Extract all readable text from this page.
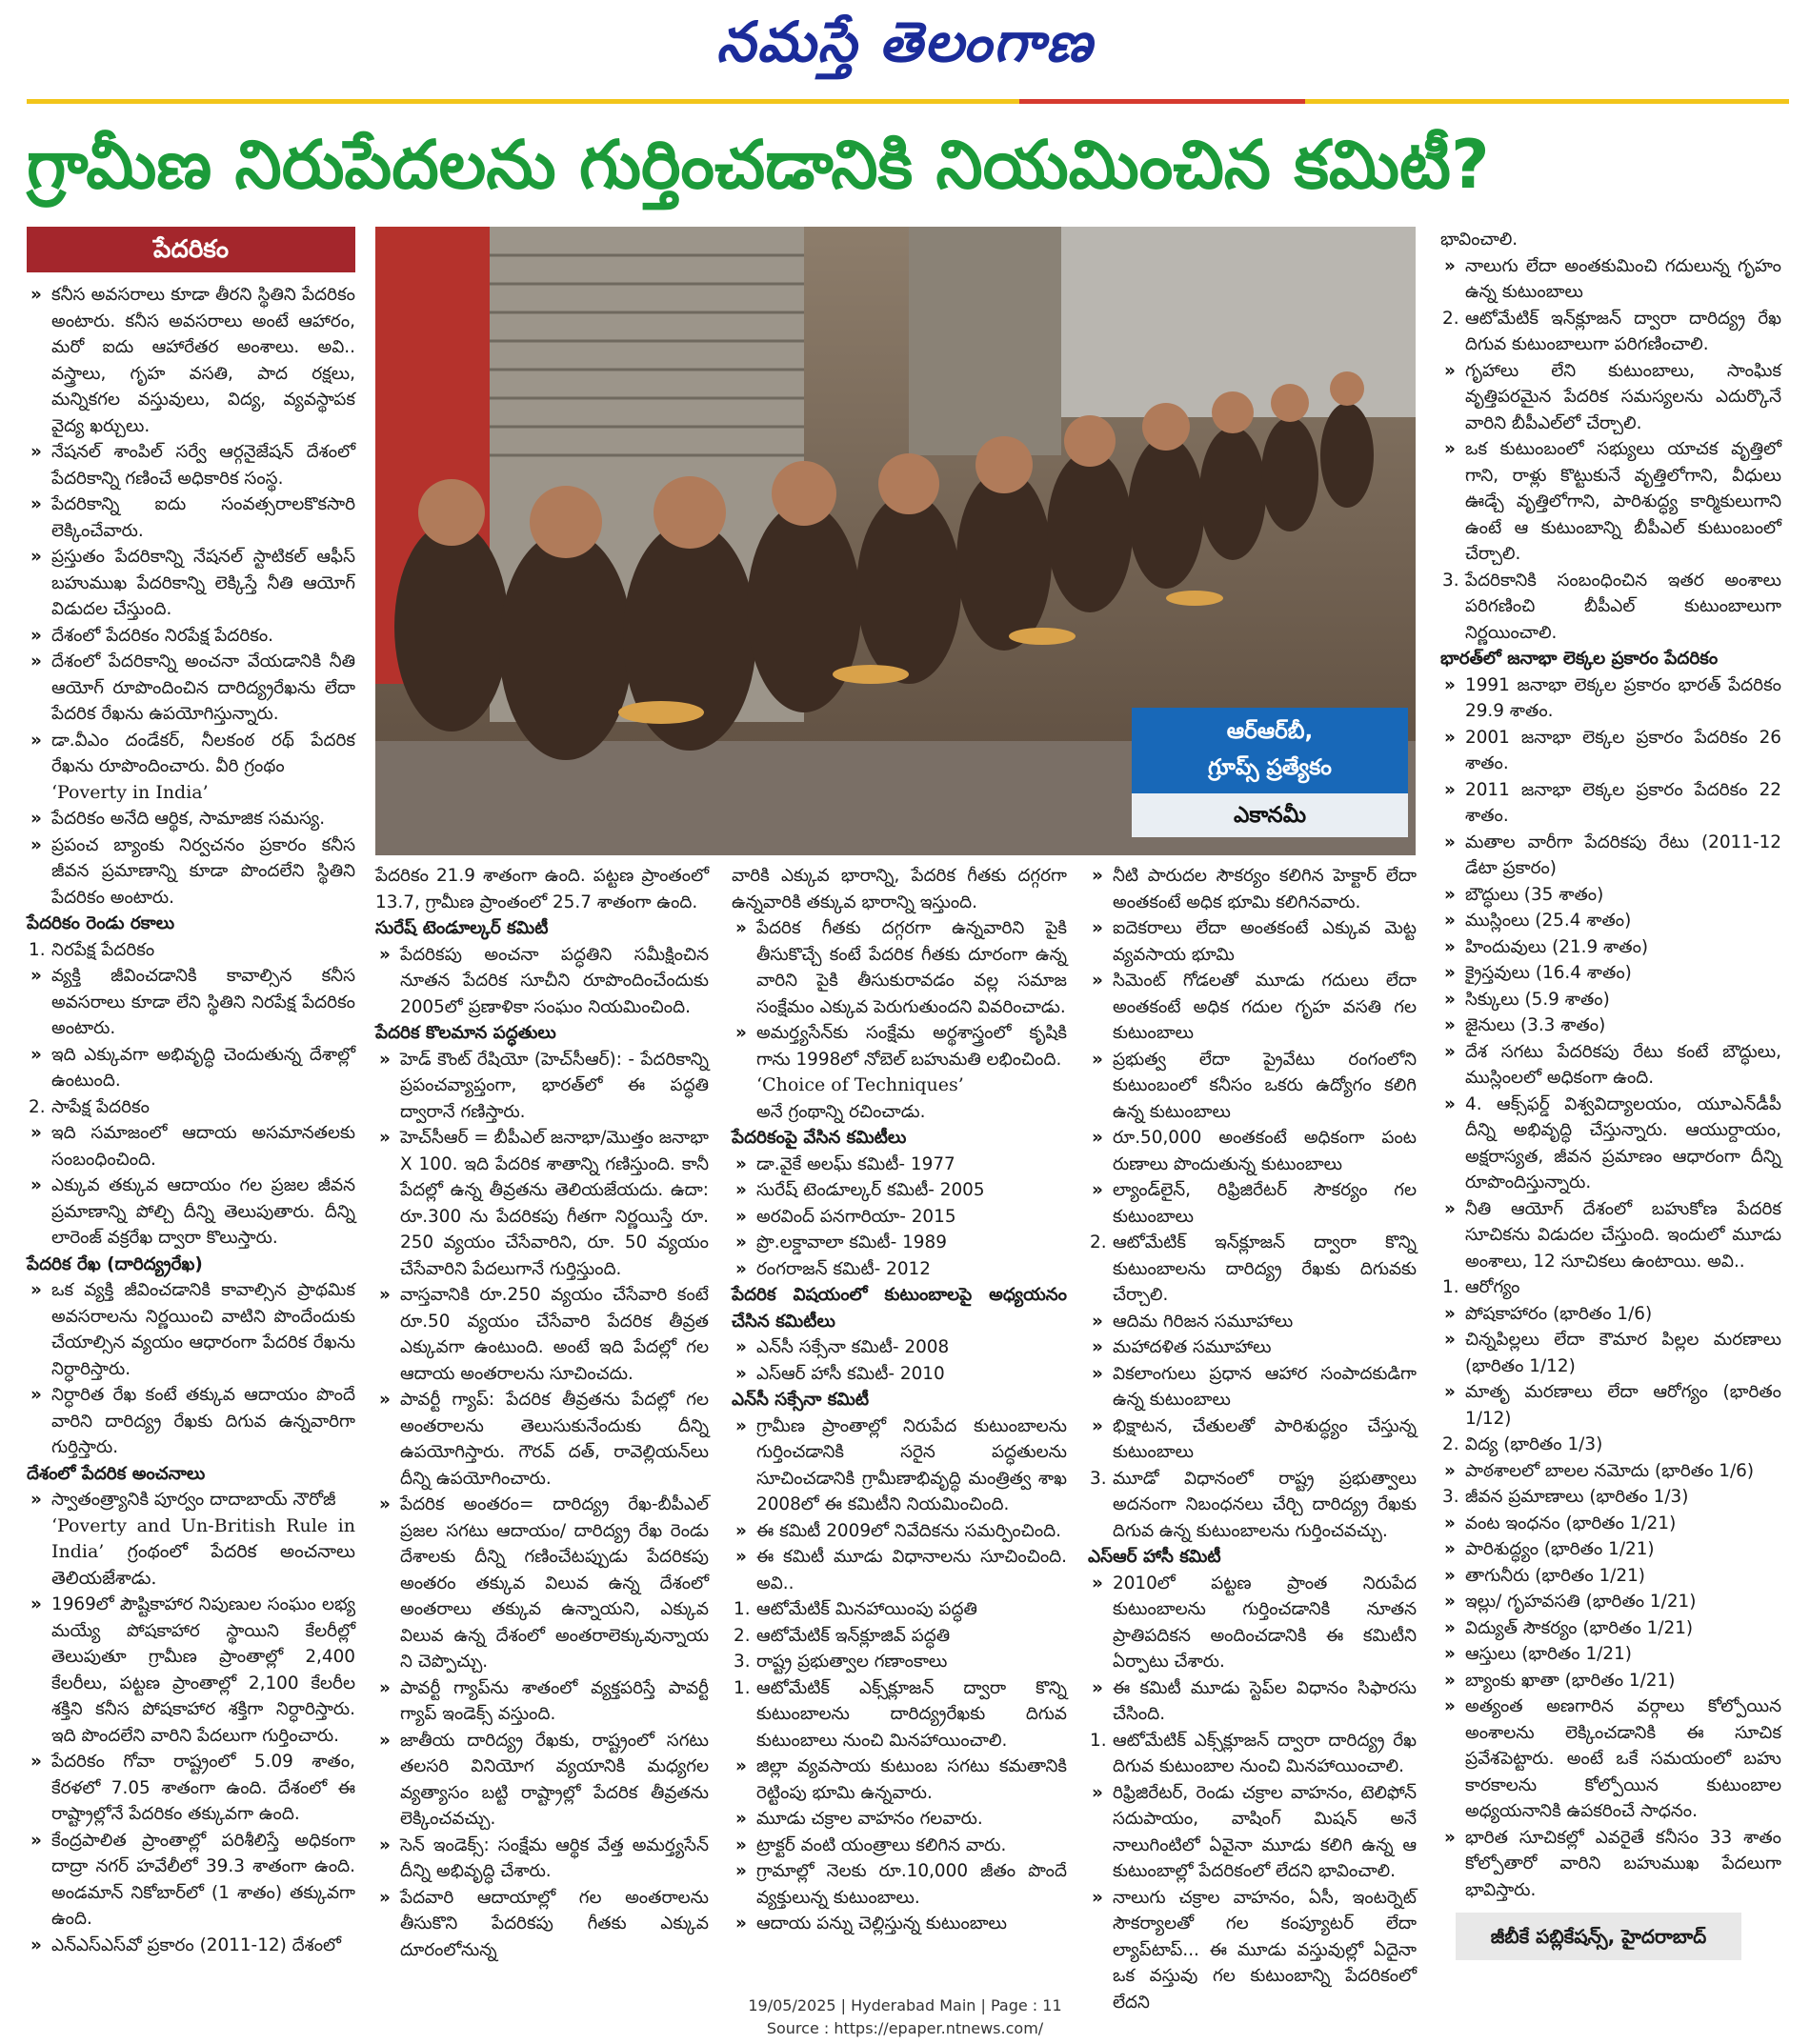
నమస్తే తెలంగాణ
గ్రామీణ నిరుపేదలను గుర్తించడానికి నియమించిన కమిటీ?
పేదరికం

» కనీస అవసరాలు కూడా తీరని స్థితిని పేదరికం అంటారు. కనీస అవసరాలు అంటే ఆహారం, మరో ఐదు ఆహారేతర అంశాలు. అవి.. వస్త్రాలు, గృహ వసతి, పాద రక్షలు, మన్నికగల వస్తువులు, విద్య, వ్యవస్థాపక వైద్య ఖర్చులు.

» నేషనల్‌ శాంపిల్‌ సర్వే ఆర్గనైజేషన్‌ దేశంలో పేదరికాన్ని గణించే అధికారిక సంస్థ.

» పేదరికాన్ని ఐదు సంవత్సరాలకొకసారి లెక్కించేవారు.

» ప్రస్తుతం పేదరికాన్ని నేషనల్‌ స్టాటికల్‌ ఆఫీస్‌ బహుముఖ పేదరికాన్ని లెక్కిస్తే నీతి ఆయోగ్‌ విడుదల చేస్తుంది.

» దేశంలో పేదరికం నిరపేక్ష పేదరికం.

» దేశంలో పేదరికాన్ని అంచనా వేయడానికి నీతి ఆయోగ్‌ రూపొందించిన దారిద్య్రరేఖను లేదా పేదరిక రేఖను ఉపయోగిస్తున్నారు.

» డా.వీఎం దండేకర్‌, నీలకంఠ రథ్‌ పేదరిక రేఖను రూపొందించారు. వీరి గ్రంథం

‘Poverty in India’

» పేదరికం అనేది ఆర్థిక, సామాజిక సమస్య.

» ప్రపంచ బ్యాంకు నిర్వచనం ప్రకారం కనీస జీవన ప్రమాణాన్ని కూడా పొందలేని స్థితిని పేదరికం అంటారు.

పేదరికం రెండు రకాలు

1. నిరపేక్ష పేదరికం

» వ్యక్తి జీవించడానికి కావాల్సిన కనీస అవసరాలు కూడా లేని స్థితిని నిరపేక్ష పేదరికం అంటారు.

» ఇది ఎక్కువగా అభివృద్ధి చెందుతున్న దేశాల్లో ఉంటుంది.

2. సాపేక్ష పేదరికం

» ఇది సమాజంలో ఆదాయ అసమానతలకు సంబంధించింది.

» ఎక్కువ తక్కువ ఆదాయం గల ప్రజల జీవన ప్రమాణాన్ని పోల్చి దీన్ని తెలుపుతారు. దీన్ని లారెంజ్‌ వక్రరేఖ ద్వారా కొలుస్తారు.

పేదరిక రేఖ (దారిద్య్రరేఖ)

» ఒక వ్యక్తి జీవించడానికి కావాల్సిన ప్రాథమిక అవసరాలను నిర్ణయించి వాటిని పొందేందుకు చేయాల్సిన వ్యయం ఆధారంగా పేదరిక రేఖను నిర్ధారిస్తారు.

» నిర్ధారిత రేఖ కంటే తక్కువ ఆదాయం పొందే వారిని దారిద్య్ర రేఖకు దిగువ ఉన్నవారిగా గుర్తిస్తారు.

దేశంలో పేదరిక అంచనాలు

» స్వాతంత్ర్యానికి పూర్వం దాదాబాయ్‌ నౌరోజీ

‘Poverty and Un-British Rule in India’ గ్రంథంలో పేదరిక అంచనాలు తెలియజేశాడు.

» 1969లో పౌష్టికాహార నిపుణుల సంఘం లభ్య మయ్యే పోషకాహార స్థాయిని కేలరీల్లో తెలుపుతూ గ్రామీణ ప్రాంతాల్లో 2,400 కేలరీలు, పట్టణ ప్రాంతాల్లో 2,100 కేలరీల శక్తిని కనీస పోషకాహార శక్తిగా నిర్ధారిస్తారు. ఇది పొందలేని వారిని పేదలుగా గుర్తించారు.

» పేదరికం గోవా రాష్ట్రంలో 5.09 శాతం, కేరళలో 7.05 శాతంగా ఉంది. దేశంలో ఈ రాష్ట్రాల్లోనే పేదరికం తక్కువగా ఉంది.

» కేంద్రపాలిత ప్రాంతాల్లో పరిశీలిస్తే అధికంగా దాద్రా నగర్‌ హవేలీలో 39.3 శాతంగా ఉంది. అండమాన్‌ నికోబార్‌లో (1 శాతం) తక్కువగా ఉంది.

» ఎన్‌ఎస్‌ఎస్‌వో ప్రకారం (2011-12) దేశంలో

ఆర్ఆర్‌బీ,
గ్రూప్స్‌ ప్రత్యేకం
ఎకానమీ

పేదరికం 21.9 శాతంగా ఉంది. పట్టణ ప్రాంతంలో 13.7, గ్రామీణ ప్రాంతంలో 25.7 శాతంగా ఉంది.

సురేష్‌ టెండూల్కర్‌ కమిటీ

» పేదరికపు అంచనా పద్ధతిని సమీక్షించిన నూతన పేదరిక సూచీని రూపొందించేందుకు 2005లో ప్రణాళికా సంఘం నియమించింది.

పేదరిక కొలమాన పద్ధతులు

» హెడ్‌ కౌంట్‌ రేషియో (హెచ్‌సీఆర్‌): - పేదరికాన్ని ప్రపంచవ్యాప్తంగా, భారత్‌లో ఈ పద్ధతి ద్వారానే గణిస్తారు.

» హెచ్‌సీఆర్‌ = బీపీఎల్‌ జనాభా/మొత్తం జనాభా X 100. ఇది పేదరిక శాతాన్ని గణిస్తుంది. కానీ పేదల్లో ఉన్న తీవ్రతను తెలియజేయదు. ఉదా: రూ.300 ను పేదరికపు గీతగా నిర్ణయిస్తే రూ. 250 వ్యయం చేసేవారిని, రూ. 50 వ్యయం చేసేవారిని పేదలుగానే గుర్తిస్తుంది.

» వాస్తవానికి రూ.250 వ్యయం చేసేవారి కంటే రూ.50 వ్యయం చేసేవారి పేదరిక తీవ్రత ఎక్కువగా ఉంటుంది. అంటే ఇది పేదల్లో గల ఆదాయ అంతరాలను సూచించదు.

» పావర్టీ గ్యాప్‌: పేదరిక తీవ్రతను పేదల్లో గల అంతరాలను తెలుసుకునేందుకు దీన్ని ఉపయోగిస్తారు. గౌరవ్‌ దత్‌, రావెల్లియన్‌లు దీన్ని ఉపయోగించారు.

» పేదరిక అంతరం= దారిద్య్ర రేఖ-బీపీఎల్‌ ప్రజల సగటు ఆదాయం/ దారిద్య్ర రేఖ రెండు దేశాలకు దీన్ని గణించేటప్పుడు పేదరికపు అంతరం తక్కువ విలువ ఉన్న దేశంలో అంతరాలు తక్కువ ఉన్నాయని, ఎక్కువ విలువ ఉన్న దేశంలో అంతరాలెక్కువున్నాయ ని చెప్పొచ్చు.

» పావర్టీ గ్యాప్‌ను శాతంలో వ్యక్తపరిస్తే పావర్టీ గ్యాప్‌ ఇండెక్స్‌ వస్తుంది.

» జాతీయ దారిద్య్ర రేఖకు, రాష్ట్రంలో సగటు తలసరి వినియోగ వ్యయానికి మధ్యగల వ్యత్యాసం బట్టి రాష్ట్రాల్లో పేదరిక తీవ్రతను లెక్కించవచ్చు.

» సెన్‌ ఇండెక్స్‌: సంక్షేమ ఆర్థిక వేత్త అమర్త్యసేన్‌ దీన్ని అభివృద్ధి చేశారు.

» పేదవారి ఆదాయాల్లో గల అంతరాలను తీసుకొని పేదరికపు గీతకు ఎక్కువ దూరంలోనున్న

వారికి ఎక్కువ భారాన్ని, పేదరిక గీతకు దగ్గరగా ఉన్నవారికి తక్కువ భారాన్ని ఇస్తుంది.

» పేదరిక గీతకు దగ్గరగా ఉన్నవారిని పైకి తీసుకొచ్చే కంటే పేదరిక గీతకు దూరంగా ఉన్న వారిని పైకి తీసుకురావడం వల్ల సమాజ సంక్షేమం ఎక్కువ పెరుగుతుందని వివరించాడు.

» అమర్త్యసేన్‌కు సంక్షేమ అర్థశాస్త్రంలో కృషికి గాను 1998లో నోబెల్‌ బహుమతి లభించింది.

‘Choice of Techniques’

అనే గ్రంథాన్ని రచించాడు.

పేదరికంపై వేసిన కమిటీలు

» డా.వైకే అలఘ్‌ కమిటీ- 1977

» సురేష్‌ టెండూల్కర్‌ కమిటీ- 2005

» అరవింద్‌ పనగారియా- 2015

» ప్రొ.లక్డావాలా కమిటీ- 1989

» రంగరాజన్‌ కమిటీ- 2012

పేదరిక విషయంలో కుటుంబాలపై అధ్యయనం చేసిన కమిటీలు

» ఎన్‌సీ సక్సేనా కమిటీ- 2008

» ఎస్‌ఆర్‌ హాసీ కమిటీ- 2010

ఎన్‌సీ సక్సేనా కమిటీ

» గ్రామీణ ప్రాంతాల్లో నిరుపేద కుటుంబాలను గుర్తించడానికి సరైన పద్ధతులను సూచించడానికి గ్రామీణాభివృద్ధి మంత్రిత్వ శాఖ 2008లో ఈ కమిటీని నియమించింది.

» ఈ కమిటీ 2009లో నివేదికను సమర్పించింది.

» ఈ కమిటీ మూడు విధానాలను సూచించింది. అవి..

1. ఆటోమేటిక్‌ మినహాయింపు పద్ధతి

2. ఆటోమేటిక్‌ ఇన్‌క్లూజివ్‌ పద్ధతి

3. రాష్ట్ర ప్రభుత్వాల గణాంకాలు

1. ఆటోమేటిక్‌ ఎక్స్‌క్లూజన్‌ ద్వారా కొన్ని కుటుంబాలను దారిద్య్రరేఖకు దిగువ కుటుంబాలు నుంచి మినహాయించాలి.

» జిల్లా వ్యవసాయ కుటుంబ సగటు కమతానికి రెట్టింపు భూమి ఉన్నవారు.

» మూడు చక్రాల వాహనం గలవారు.

» ట్రాక్టర్‌ వంటి యంత్రాలు కలిగిన వారు.

» గ్రామాల్లో నెలకు రూ.10,000 జీతం పొందే వ్యక్తులున్న కుటుంబాలు.

» ఆదాయ పన్ను చెల్లిస్తున్న కుటుంబాలు

» నీటి పారుదల సౌకర్యం కలిగిన హెక్టార్‌ లేదా అంతకంటే అధిక భూమి కలిగినవారు.

» ఐదెకరాలు లేదా అంతకంటే ఎక్కువ మెట్ట వ్యవసాయ భూమి

» సిమెంట్‌ గోడలతో మూడు గదులు లేదా అంతకంటే అధిక గదుల గృహ వసతి గల కుటుంబాలు

» ప్రభుత్వ లేదా ప్రైవేటు రంగంలోని కుటుంబంలో కనీసం ఒకరు ఉద్యోగం కలిగి ఉన్న కుటుంబాలు

» రూ.50,000 అంతకంటే అధికంగా పంట రుణాలు పొందుతున్న కుటుంబాలు

» ల్యాండ్‌లైన్‌, రిఫ్రిజిరేటర్‌ సౌకర్యం గల కుటుంబాలు

2. ఆటోమేటిక్‌ ఇన్‌క్లూజన్‌ ద్వారా కొన్ని కుటుంబాలను దారిద్య్ర రేఖకు దిగువకు చేర్చాలి.

» ఆదిమ గిరిజన సమూహాలు

» మహాదళిత సమూహాలు

» వికలాంగులు ప్రధాన ఆహార సంపాదకుడిగా ఉన్న కుటుంబాలు

» భిక్షాటన, చేతులతో పారిశుద్ధ్యం చేస్తున్న కుటుంబాలు

3. మూడో విధానంలో రాష్ట్ర ప్రభుత్వాలు అదనంగా నిబంధనలు చేర్చి దారిద్య్ర రేఖకు దిగువ ఉన్న కుటుంబాలను గుర్తించవచ్చు.

ఎస్‌ఆర్‌ హాసీ కమిటీ

» 2010లో పట్టణ ప్రాంత నిరుపేద కుటుంబాలను గుర్తించడానికి నూతన ప్రాతిపదికన అందించడానికి ఈ కమిటీని ఏర్పాటు చేశారు.

» ఈ కమిటీ మూడు స్టెప్‌ల విధానం సిఫారసు చేసింది.

1. ఆటోమేటిక్‌ ఎక్స్‌క్లూజన్‌ ద్వారా దారిద్య్ర రేఖ దిగువ కుటుంబాల నుంచి మినహాయించాలి.

» రిఫ్రిజిరేటర్‌, రెండు చక్రాల వాహనం, టెలిఫోన్‌ సదుపాయం, వాషింగ్‌ మిషన్‌ అనే నాలుగింటిలో ఏవైనా మూడు కలిగి ఉన్న ఆ కుటుంబాల్లో పేదరికంలో లేదని భావించాలి.

» నాలుగు చక్రాల వాహనం, ఏసీ, ఇంటర్నెట్‌ సౌకర్యాలతో గల కంప్యూటర్‌ లేదా ల్యాప్‌టాప్‌... ఈ మూడు వస్తువుల్లో ఏదైనా ఒక వస్తువు గల కుటుంబాన్ని పేదరికంలో లేదని

భావించాలి.

» నాలుగు లేదా అంతకుమించి గదులున్న గృహం ఉన్న కుటుంబాలు

2. ఆటోమేటిక్‌ ఇన్‌క్లూజన్‌ ద్వారా దారిద్య్ర రేఖ దిగువ కుటుంబాలుగా పరిగణించాలి.

» గృహాలు లేని కుటుంబాలు, సాంఘిక వృత్తిపరమైన పేదరిక సమస్యలను ఎదుర్కొనే వారిని బీపీఎల్‌లో చేర్చాలి.

» ఒక కుటుంబంలో సభ్యులు యాచక వృత్తిలో గాని, రాళ్లు కొట్టుకునే వృత్తిలోగాని, వీధులు ఊడ్చే వృత్తిలోగాని, పారిశుద్ధ్య కార్మికులుగాని ఉంటే ఆ కుటుంబాన్ని బీపీఎల్‌ కుటుంబంలో చేర్చాలి.

3. పేదరికానికి సంబంధించిన ఇతర అంశాలు పరిగణించి బీపీఎల్‌ కుటుంబాలుగా నిర్ణయించాలి.

భారత్‌లో జనాభా లెక్కల ప్రకారం పేదరికం

» 1991 జనాభా లెక్కల ప్రకారం భారత్‌ పేదరికం 29.9 శాతం.

» 2001 జనాభా లెక్కల ప్రకారం పేదరికం 26 శాతం.

» 2011 జనాభా లెక్కల ప్రకారం పేదరికం 22 శాతం.

» మతాల వారీగా పేదరికపు రేటు (2011-12 డేటా ప్రకారం)

» బౌద్ధులు (35 శాతం)

» ముస్లింలు (25.4 శాతం)

» హిందువులు (21.9 శాతం)

» క్రైస్తవులు (16.4 శాతం)

» సిక్కులు (5.9 శాతం)

» జైనులు (3.3 శాతం)

» దేశ సగటు పేదరికపు రేటు కంటే బౌద్ధులు, ముస్లింలలో అధికంగా ఉంది.

» 4. ఆక్స్‌ఫర్డ్‌ విశ్వవిద్యాలయం, యూఎన్‌డీపీ దీన్ని అభివృద్ధి చేస్తున్నారు. ఆయుర్దాయం, అక్షరాస్యత, జీవన ప్రమాణం ఆధారంగా దీన్ని రూపొందిస్తున్నారు.

» నీతి ఆయోగ్‌ దేశంలో బహుకోణ పేదరిక సూచికను విడుదల చేస్తుంది. ఇందులో మూడు అంశాలు, 12 సూచికలు ఉంటాయి. అవి..

1. ఆరోగ్యం

» పోషకాహారం (భారితం 1/6)

» చిన్నపిల్లలు లేదా కౌమార పిల్లల మరణాలు (భారితం 1/12)

» మాతృ మరణాలు లేదా ఆరోగ్యం (భారితం 1/12)

2. విద్య (భారితం 1/3)

» పాఠశాలలో బాలల నమోదు (భారితం 1/6)

3. జీవన ప్రమాణాలు (భారితం 1/3)

» వంట ఇంధనం (భారితం 1/21)

» పారిశుద్ధ్యం (భారితం 1/21)

» తాగునీరు (భారితం 1/21)

» ఇల్లు/ గృహవసతి (భారితం 1/21)

» విద్యుత్‌ సౌకర్యం (భారితం 1/21)

» ఆస్తులు (భారితం 1/21)

» బ్యాంకు ఖాతా (భారితం 1/21)

» అత్యంత అణగారిన వర్గాలు కోల్పోయిన అంశాలను లెక్కించడానికి ఈ సూచిక ప్రవేశపెట్టారు. అంటే ఒకే సమయంలో బహు కారకాలను కోల్పోయిన కుటుంబాల అధ్యయనానికి ఉపకరించే సాధనం.

» భారిత సూచికల్లో ఎవరైతే కనీసం 33 శాతం కోల్పోతారో వారిని బహుముఖ పేదలుగా భావిస్తారు.

జీబీకే పబ్లికేషన్స్‌, హైదరాబాద్‌
19/05/2025 | Hyderabad Main | Page : 11
Source : https://epaper.ntnews.com/
